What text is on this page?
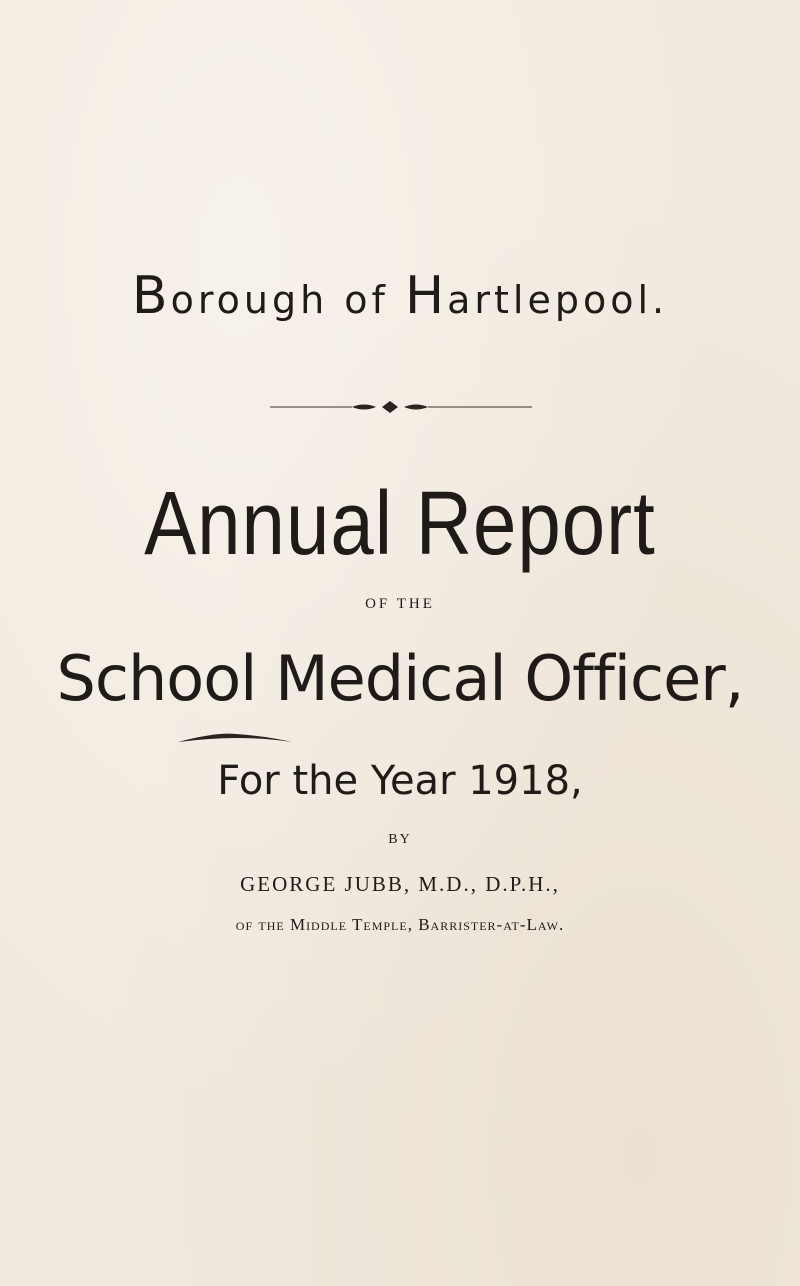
Borough of Hartlepool.
Annual Report
OF THE
School Medical Officer,
For the Year 1918,
BY
GEORGE JUBB, M.D., D.P.H.,
of the Middle Temple, Barrister-at-Law.
